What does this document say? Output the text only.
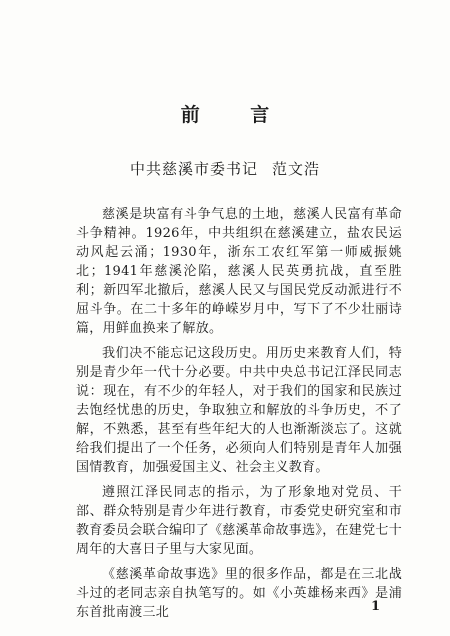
前 言
中共慈溪市委书记 范文浩

慈溪是块富有斗争气息的土地，慈溪人民富有革命斗争精神。1926年，中共组织在慈溪建立，盐农民运动风起云涌；1930年，浙东工农红军第一师威振姚北；1941年慈溪沦陷，慈溪人民英勇抗战，直至胜利；新四军北撤后，慈溪人民又与国民党反动派进行不屈斗争。在二十多年的峥嵘岁月中，写下了不少壮丽诗篇，用鲜血换来了解放。

我们决不能忘记这段历史。用历史来教育人们，特别是青少年一代十分必要。中共中央总书记江泽民同志说：现在，有不少的年轻人，对于我们的国家和民族过去饱经忧患的历史，争取独立和解放的斗争历史，不了解，不熟悉，甚至有些年纪大的人也渐渐淡忘了。这就给我们提出了一个任务，必须向人们特别是青年人加强国情教育，加强爱国主义、社会主义教育。

遵照江泽民同志的指示，为了形象地对党员、干部、群众特别是青少年进行教育，市委党史研究室和市教育委员会联合编印了《慈溪革命故事选》，在建党七十周年的大喜日子里与大家见面。

《慈溪革命故事选》里的很多作品，都是在三北战斗过的老同志亲自执笔写的。如《小英雄杨来西》是浦东首批南渡三北	1
